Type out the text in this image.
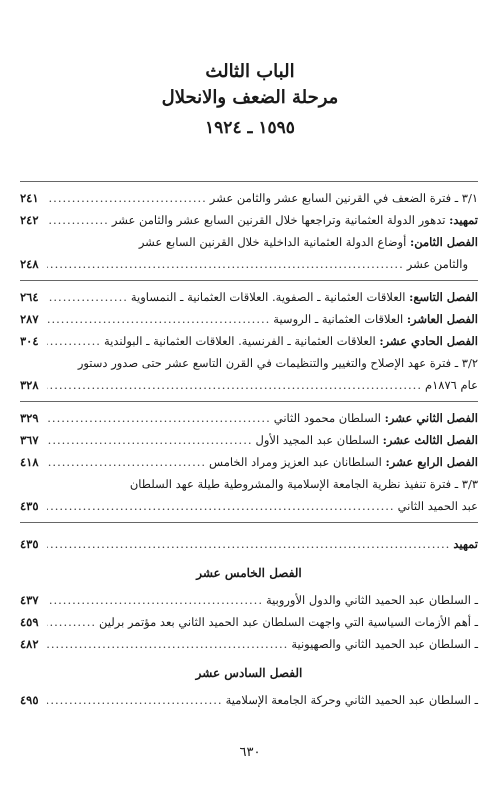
الباب الثالث
مرحلة الضعف والانحلال
١٥٩٥ ـ ١٩٢٤
٣/١ ـ فترة الضعف في القرنين السابع عشر والثامن عشر
.....
٢٤١
تمهيد: تدهور الدولة العثمانية وتراجعها خلال القرنين السابع عشر والثامن عشر
.....
٢٤٢
الفصل الثامن: أوضاع الدولة العثمانية الداخلية خلال القرنين السابع عشر
والثامن عشر
.....
٢٤٨
الفصل التاسع: العلاقات العثمانية ـ الصفوية. العلاقات العثمانية ـ النمساوية
.....
٢٦٤
الفصل العاشر: العلاقات العثمانية ـ الروسية
.....
٢٨٧
الفصل الحادي عشر: العلاقات العثمانية ـ الفرنسية. العلاقات العثمانية ـ البولندية
.....
٣٠٤
٣/٢ ـ فترة عهد الإصلاح والتغيير والتنظيمات في القرن التاسع عشر حتى صدور دستور
عام ١٨٧٦م
.....
٣٢٨
الفصل الثاني عشر: السلطان محمود الثاني
.....
٣٢٩
الفصل الثالث عشر: السلطان عبد المجيد الأول
.....
٣٦٧
الفصل الرابع عشر: السلطانان عبد العزيز ومراد الخامس
.....
٤١٨
٣/٣ ـ فترة تنفيذ نظرية الجامعة الإسلامية والمشروطية طيلة عهد السلطان
عبد الحميد الثاني
.....
٤٣٥
تمهيد
.....
٤٣٥
الفصل الخامس عشر
ـ السلطان عبد الحميد الثاني والدول الأوروبية
.....
٤٣٧
ـ أهم الأزمات السياسية التي واجهت السلطان عبد الحميد الثاني بعد مؤتمر برلين
.....
٤٥٩
ـ السلطان عبد الحميد الثاني والصهيونية
.....
٤٨٢
الفصل السادس عشر
ـ السلطان عبد الحميد الثاني وحركة الجامعة الإسلامية
.....
٤٩٥
٦٣٠
